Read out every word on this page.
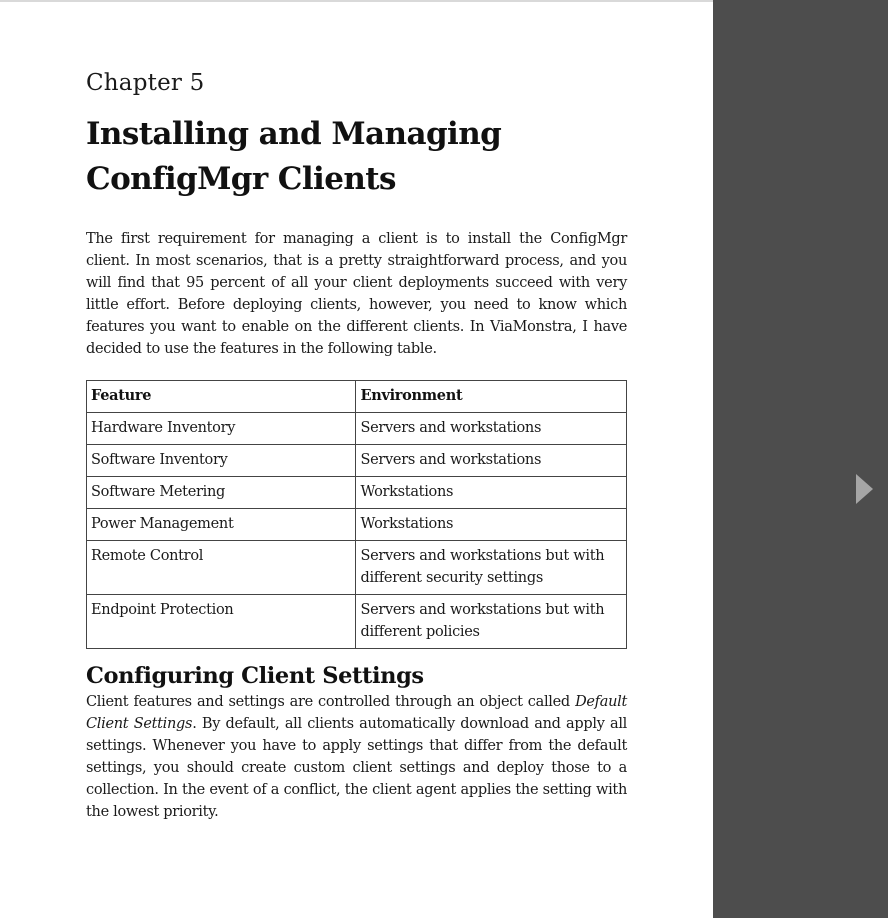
Chapter 5
Installing and Managing
ConfigMgr Clients

The first requirement for managing a client is to install the ConfigMgr client. In most scenarios, that is a pretty straightforward process, and you will find that 95 percent of all your client deployments succeed with very little effort. Before deploying clients, however, you need to know which features you want to enable on the different clients. In ViaMonstra, I have decided to use the features in the following table.

Feature	Environment
Hardware Inventory	Servers and workstations
Software Inventory	Servers and workstations
Software Metering	Workstations
Power Management	Workstations
Remote Control	Servers and workstations but with different security settings
Endpoint Protection	Servers and workstations but with different policies
Configuring Client Settings

Client features and settings are controlled through an object called Default Client Settings. By default, all clients automatically download and apply all settings. Whenever you have to apply settings that differ from the default settings, you should create custom client settings and deploy those to a collection. In the event of a conflict, the client agent applies the setting with the lowest priority.
